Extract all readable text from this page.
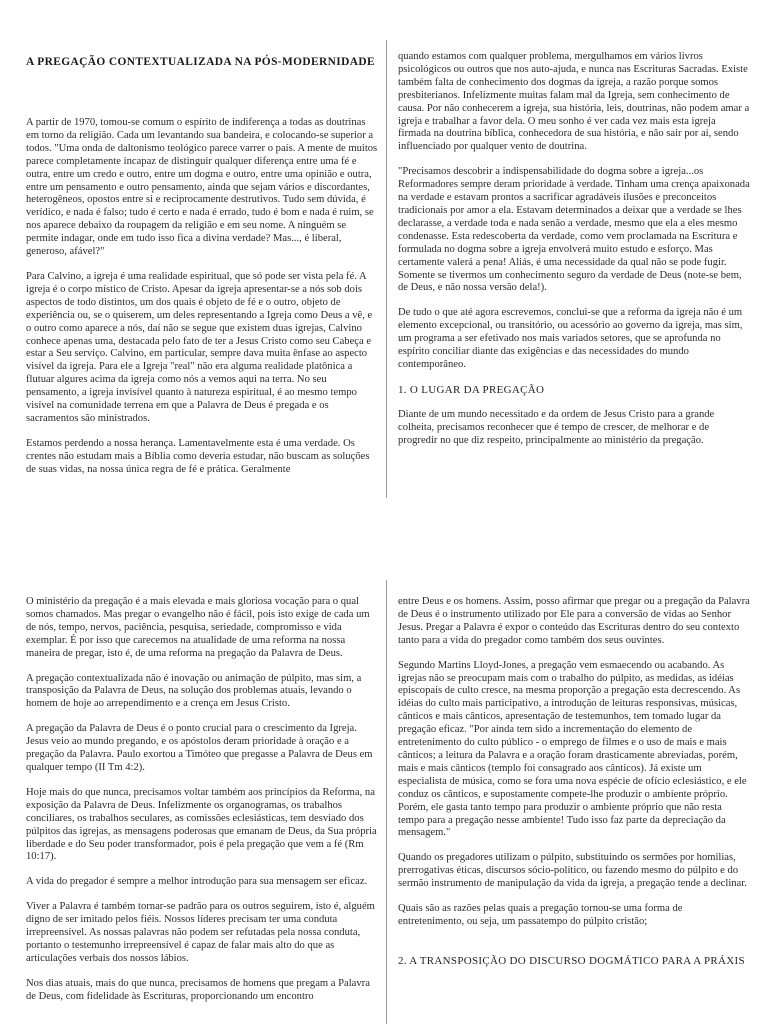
A PREGAÇÃO CONTEXTUALIZADA NA PÓS-MODERNIDADE

A partir de 1970, tomou-se comum o espírito de indiferença a todas as doutrinas em torno da religião. Cada um levantando sua bandeira, e colocando-se superior a todos. "Uma onda de daltonismo teológico parece varrer o país. A mente de muitos parece completamente incapaz de distinguir qualquer diferença entre uma fé e outra, entre um credo e outro, entre um dogma e outro, entre uma opinião e outra, entre um pensamento e outro pensamento, ainda que sejam vários e discordantes, heterogêneos, opostos entre si e reciprocamente destrutivos. Tudo sem dúvida, é verídico, e nada é falso; tudo é certo e nada é errado, tudo é bom e nada é ruim, se nos aparece debaixo da roupagem da religião e em seu nome. A ninguém se permite indagar, onde em tudo isso fica a divina verdade? Mas..., é liberal, generoso, afável?"

Para Calvino, a igreja é uma realidade espiritual, que só pode ser vista pela fé. A igreja é o corpo místico de Cristo. Apesar da igreja apresentar-se a nós sob dois aspectos de todo distintos, um dos quais é objeto de fé e o outro, objeto de experiência ou, se o quiserem, um deles representando a Igreja como Deus a vê, e o outro como aparece a nós, daí não se segue que existem duas igrejas, Calvino conhece apenas uma, destacada pelo fato de ter a Jesus Cristo como seu Cabeça e estar a Seu serviço. Calvino, em particular, sempre dava muita ênfase ao aspecto visível da igreja. Para ele a Igreja "real" não era alguma realidade platônica a flutuar algures acima da igreja como nós a vemos aqui na terra. No seu pensamento, a igreja invisível quanto à natureza espiritual, é ao mesmo tempo visível na comunidade terrena em que a Palavra de Deus é pregada e os sacramentos são ministrados.

Estamos perdendo a nossa herança. Lamentavelmente esta é uma verdade. Os crentes não estudam mais a Bíblia como deveria estudar, não buscam as soluções de suas vidas, na nossa única regra de fé e prática. Geralmente

quando estamos com qualquer problema, mergulhamos em vários livros psicológicos ou outros que nos auto-ajuda, e nunca nas Escrituras Sacradas. Existe também falta de conhecimento dos dogmas da igreja, a razão porque somos presbiterianos. Infelizmente muitas falam mal da Igreja, sem conhecimento de causa. Por não conhecerem a igreja, sua história, leis, doutrinas, não podem amar a igreja e trabalhar a favor dela. O meu sonho é ver cada vez mais esta igreja firmada na doutrina bíblica, conhecedora de sua história, e não sair por aí, sendo influenciado por qualquer vento de doutrina.

"Precisamos descobrir a indispensabilidade do dogma sobre a igreja...os Reformadores sempre deram prioridade à verdade. Tinham uma crença apaixonada na verdade e estavam prontos a sacrificar agradáveis ilusões e preconceitos tradicionais por amor a ela. Estavam determinados a deixar que a verdade se lhes declarasse, a verdade toda e nada senão a verdade, mesmo que ela a eles mesmo condenasse. Esta redescoberta da verdade, como vem proclamada na Escritura e formulada no dogma sobre a igreja envolverá muito estudo e esforço. Mas certamente valerá a pena! Aliás, é uma necessidade da qual não se pode fugir. Somente se tivermos um conhecimento seguro da verdade de Deus (note-se bem, de Deus, e não nossa versão dela!).

De tudo o que até agora escrevemos, conclui-se que a reforma da igreja não é um elemento excepcional, ou transitório, ou acessório ao governo da igreja, mas sim, um programa a ser efetivado nos mais variados setores, que se aprofunda no espírito conciliar diante das exigências e das necessidades do mundo contemporâneo.

1. O LUGAR DA PREGAÇÃO

Diante de um mundo necessitado e da ordem de Jesus Cristo para a grande colheita, precisamos reconhecer que é tempo de crescer, de melhorar e de progredir no que diz respeito, principalmente ao ministério da pregação.

O ministério da pregação é a mais elevada e mais gloriosa vocação para o qual somos chamados. Mas pregar o evangelho não é fácil, pois isto exige de cada um de nós, tempo, nervos, paciência, pesquisa, seriedade, compromisso e vida exemplar. É por isso que carecemos na atualidade de uma reforma na nossa maneira de pregar, isto é, de uma reforma na pregação da Palavra de Deus.

A pregação contextualizada não é inovação ou animação de púlpito, mas sim, a transposição da Palavra de Deus, na solução dos problemas atuais, levando o homem de hoje ao arrependimento e a crença em Jesus Cristo.

A pregação da Palavra de Deus é o ponto crucial para o crescimento da Igreja. Jesus veio ao mundo pregando, e os apóstolos deram prioridade à oração e a pregação da Palavra. Paulo exortou a Timóteo que pregasse a Palavra de Deus em qualquer tempo (II Tm 4:2).

Hoje mais do que nunca, precisamos voltar também aos princípios da Reforma, na exposição da Palavra de Deus. Infelizmente os organogramas, os trabalhos conciliares, os trabalhos seculares, as comissões eclesiásticas, tem desviado dos púlpitos das igrejas, as mensagens poderosas que emanam de Deus, da Sua própria liberdade e do Seu poder transformador, pois é pela pregação que vem a fé (Rm 10:17).

A vida do pregador é sempre a melhor introdução para sua mensagem ser eficaz.

Viver a Palavra é também tornar-se padrão para os outros seguirem, isto é, alguém digno de ser imitado pelos fiéis. Nossos líderes precisam ter uma conduta irrepreensível. As nossas palavras não podem ser refutadas pela nossa conduta, portanto o testemunho irrepreensível é capaz de falar mais alto do que as articulações verbais dos nossos lábios.

Nos dias atuais, mais do que nunca, precisamos de homens que pregam a Palavra de Deus, com fidelidade às Escrituras, proporcionando um encontro

entre Deus e os homens. Assim, posso afirmar que pregar ou a pregação da Palavra de Deus é o instrumento utilizado por Ele para a conversão de vidas ao Senhor Jesus. Pregar a Palavra é expor o conteúdo das Escrituras dentro do seu contexto tanto para a vida do pregador como também dos seus ouvintes.

Segundo Martins Lloyd-Jones, a pregação vem esmaecendo ou acabando. As igrejas não se preocupam mais com o trabalho do púlpito, as medidas, as idéias episcopais de culto cresce, na mesma proporção a pregação esta decrescendo. As idéias do culto mais participativo, a introdução de leituras responsivas, músicas, cânticos e mais cânticos, apresentação de testemunhos, tem tomado lugar da pregação eficaz. "Por ainda tem sido a incrementação do elemento de entretenimento do culto público - o emprego de filmes e o uso de mais e mais cânticos; a leitura da Palavra e a oração foram drasticamente abreviadas, porém, mais e mais cânticos (templo foi consagrado aos cânticos). Já existe um especialista de música, como se fora uma nova espécie de ofício eclesiástico, e ele conduz os cânticos, e supostamente compete-lhe produzir o ambiente próprio. Porém, ele gasta tanto tempo para produzir o ambiente próprio que não resta tempo para a pregação nesse ambiente! Tudo isso faz parte da depreciação da mensagem."

Quando os pregadores utilizam o púlpito, substituindo os sermões por homilias, prerrogativas éticas, discursos sócio-político, ou fazendo mesmo do púlpito e do sermão instrumento de manipulação da vida da igreja, a pregação tende a declinar.

Quais são as razões pelas quais a pregação tornou-se uma forma de entretenimento, ou seja, um passatempo do púlpito cristão;

2. A TRANSPOSIÇÃO DO DISCURSO DOGMÁTICO PARA A PRÁXIS
